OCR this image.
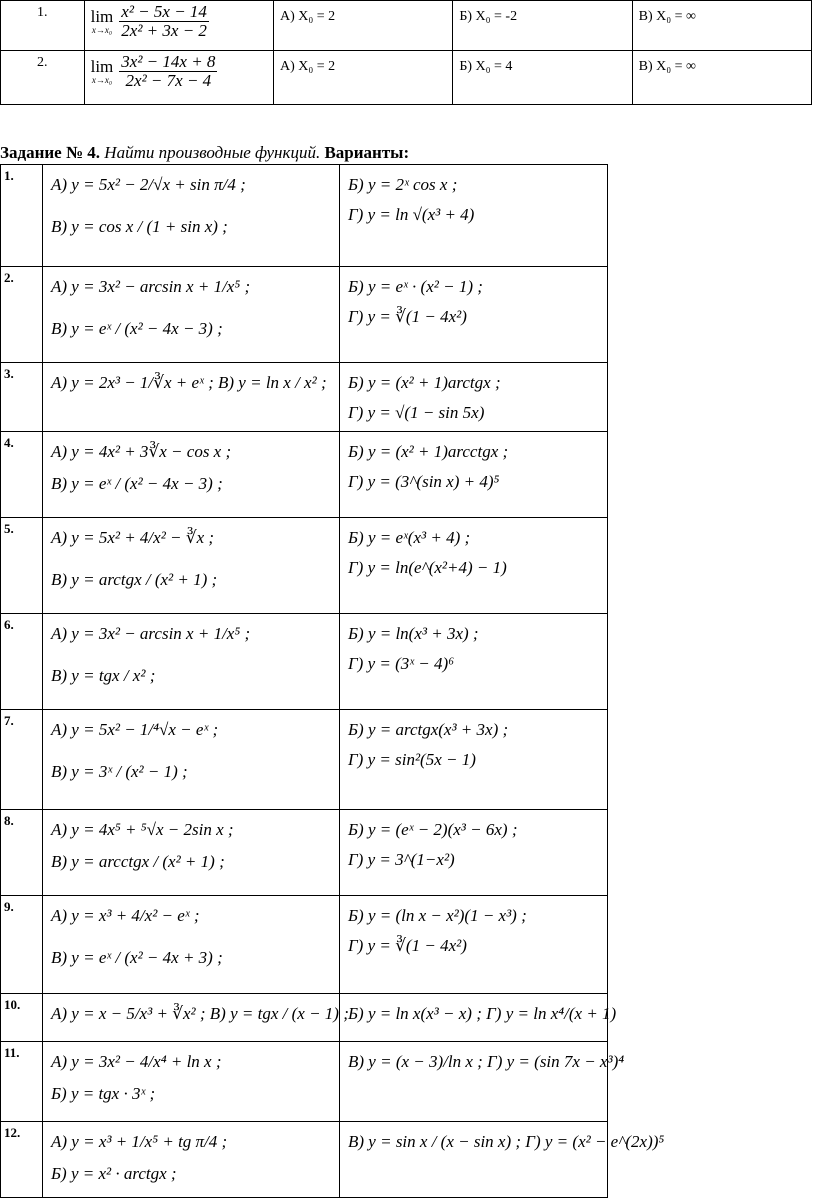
1.	lim
$x\to x_0 \frac{\text{x² − 5x − 14}}{\text{2x² + 3x − 2}}$	А) X₀ = 2	Б) X₀ = -2	В) X₀ = ∞
2.	lim
$x\to x_0 \frac{\text{3x² − 14x + 8}}{\text{2x² − 7x − 4}}$	А) X₀ = 2	Б) X₀ = 4	В) X₀ = ∞
Задание № 4. Найти производные функций. Варианты:
1.	А) y = 5x² − 2/√x + sin π/4 ;
В) y = cos x / (1 + sin x) ;	Б) y = 2ˣ cos x ;
Г) y = ln √(x³ + 4)

2.	А) y = 3x² − arcsin x + 1/x⁵ ;
В) y = eˣ / (x² − 4x − 3) ;	Б) y = eˣ · (x² − 1) ;
Г) y = ∛(1 − 4x²)

3.	А) y = 2x³ − 1/∛x + eˣ ; В) y = ln x / x² ;	Б) y = (x² + 1)arctgx ;
Г) y = √(1 − sin 5x)

4.	А) y = 4x² + 3∛x − cos x ;
В) y = eˣ / (x² − 4x − 3) ;	Б) y = (x² + 1)arcctgx ;
Г) y = (3^(sin x) + 4)⁵

5.	А) y = 5x² + 4/x² − ∛x ;
В) y = arctgx / (x² + 1) ;	Б) y = eˣ(x³ + 4) ;
Г) y = ln(e^(x²+4) − 1)

6.	А) y = 3x² − arcsin x + 1/x⁵ ;
В) y = tgx / x² ;	Б) y = ln(x³ + 3x) ;
Г) y = (3ˣ − 4)⁶

7.	А) y = 5x² − 1/⁴√x − eˣ ;
В) y = 3ˣ / (x² − 1) ;	Б) y = arctgx(x³ + 3x) ;
Г) y = sin²(5x − 1)

8.	А) y = 4x⁵ + ⁵√x − 2sin x ;
В) y = arcctgx / (x² + 1) ;	Б) y = (eˣ − 2)(x³ − 6x) ;
Г) y = 3^(1−x²)

9.	А) y = x³ + 4/x² − eˣ ;
В) y = eˣ / (x² − 4x + 3) ;	Б) y = (ln x − x²)(1 − x³) ;
Г) y = ∛(1 − 4x²)

10.	А) y = x − 5/x³ + ∛x² ; В) y = tgx / (x − 1) ;	Б) y = ln x(x³ − x) ; Г) y = ln x⁴/(x + 1)

11.	А) y = 3x² − 4/x⁴ + ln x ;
Б) y = tgx · 3ˣ ;	В) y = (x − 3)/ln x ; Г) y = (sin 7x − x³)⁴

12.	А) y = x³ + 1/x⁵ + tg π/4 ;
Б) y = x² · arctgx ;	В) y = sin x / (x − sin x) ; Г) y = (x² − e^(2x))⁵
